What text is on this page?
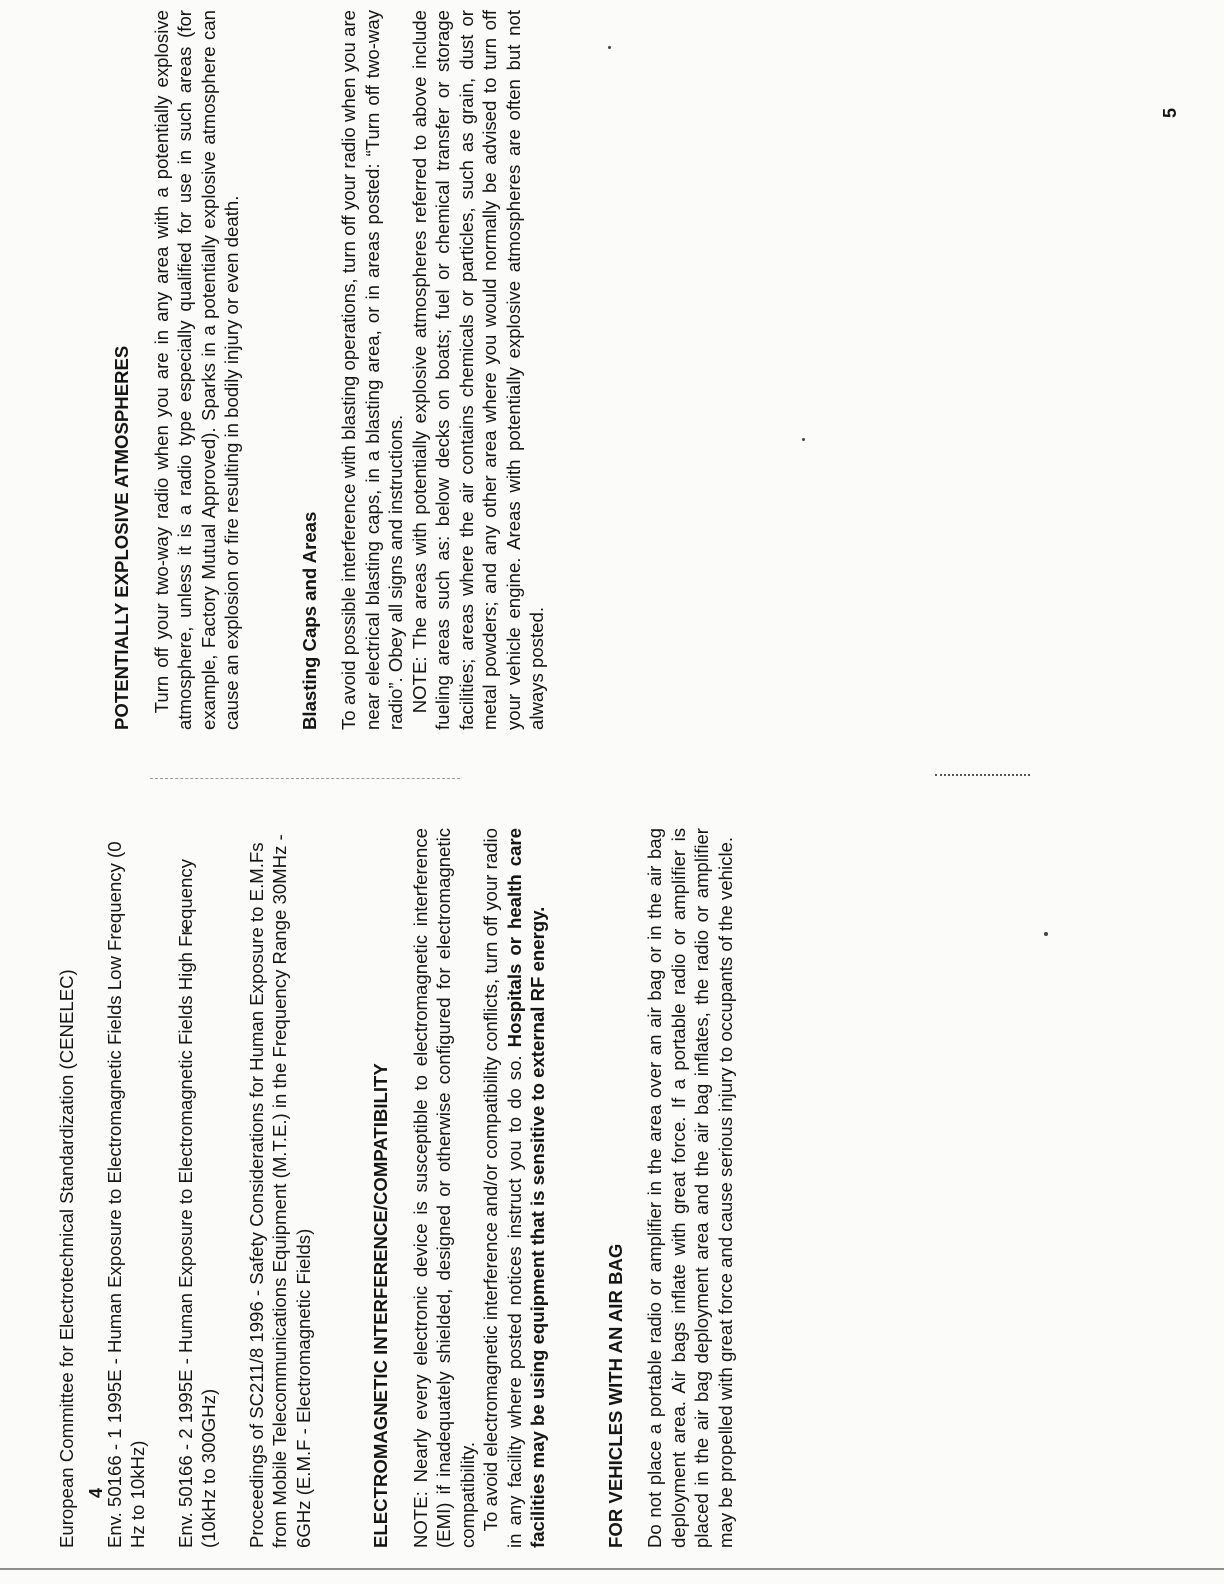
European Committee for Electrotechnical Standardization (CENELEC) Env. 50166 - 1 1995E - Human Exposure to Electromagnetic Fields Low Frequency (0 Hz to 10kHz) Env. 50166 - 2 1995E - Human Exposure to Electromagnetic Fields High Frequency (10kHz to 300GHz) Proceedings of SC211/8 1996 - Safety Considerations for Human Exposure to E.M.Fs from Mobile Telecommunications Equipment (M.T.E.) in the Frequency Range 30MHz - 6GHz (E.M.F - Electromagnetic Fields)	ELECTROMAGNETIC INTERFERENCE/COMPATIBILITY NOTE: Nearly every electronic device is susceptible to electromagnetic interference (EMI) if inadequately shielded, designed or otherwise configured for electromagnetic compatibility. To avoid electromagnetic interference and/or compatibility conflicts, turn off your radio in any facility where posted notices instruct you to do so. Hospitals or health care facilities may be using equipment that is sensitive to external RF energy.	FOR VEHICLES WITH AN AIR BAG Do not place a portable radio or amplifier in the area over an air bag or in the air bag deployment area. Air bags inflate with great force. If a portable radio or amplifier is placed in the air bag deployment area and the air bag inflates, the radio or amplifier may be propelled with great force and cause serious injury to occupants of the vehicle.

4

POTENTIALLY EXPLOSIVE ATMOSPHERES Turn off your two-way radio when you are in any area with a potentially explosive atmosphere, unless it is a radio type especially qualified for use in such areas (for example, Factory Mutual Approved). Sparks in a potentially explosive atmosphere can cause an explosion or fire resulting in bodily injury or even death.	Blasting Caps and Areas To avoid possible interference with blasting operations, turn off your radio when you are near electrical blasting caps, in a blasting area, or in areas posted: “Turn off two-way radio”. Obey all signs and instructions. NOTE: The areas with potentially explosive atmospheres referred to above include fueling areas such as: below decks on boats; fuel or chemical transfer or storage facilities; areas where the air contains chemicals or particles, such as grain, dust or metal powders; and any other area where you would normally be advised to turn off your vehicle engine. Areas with potentially explosive atmospheres are often but not always posted.

5
